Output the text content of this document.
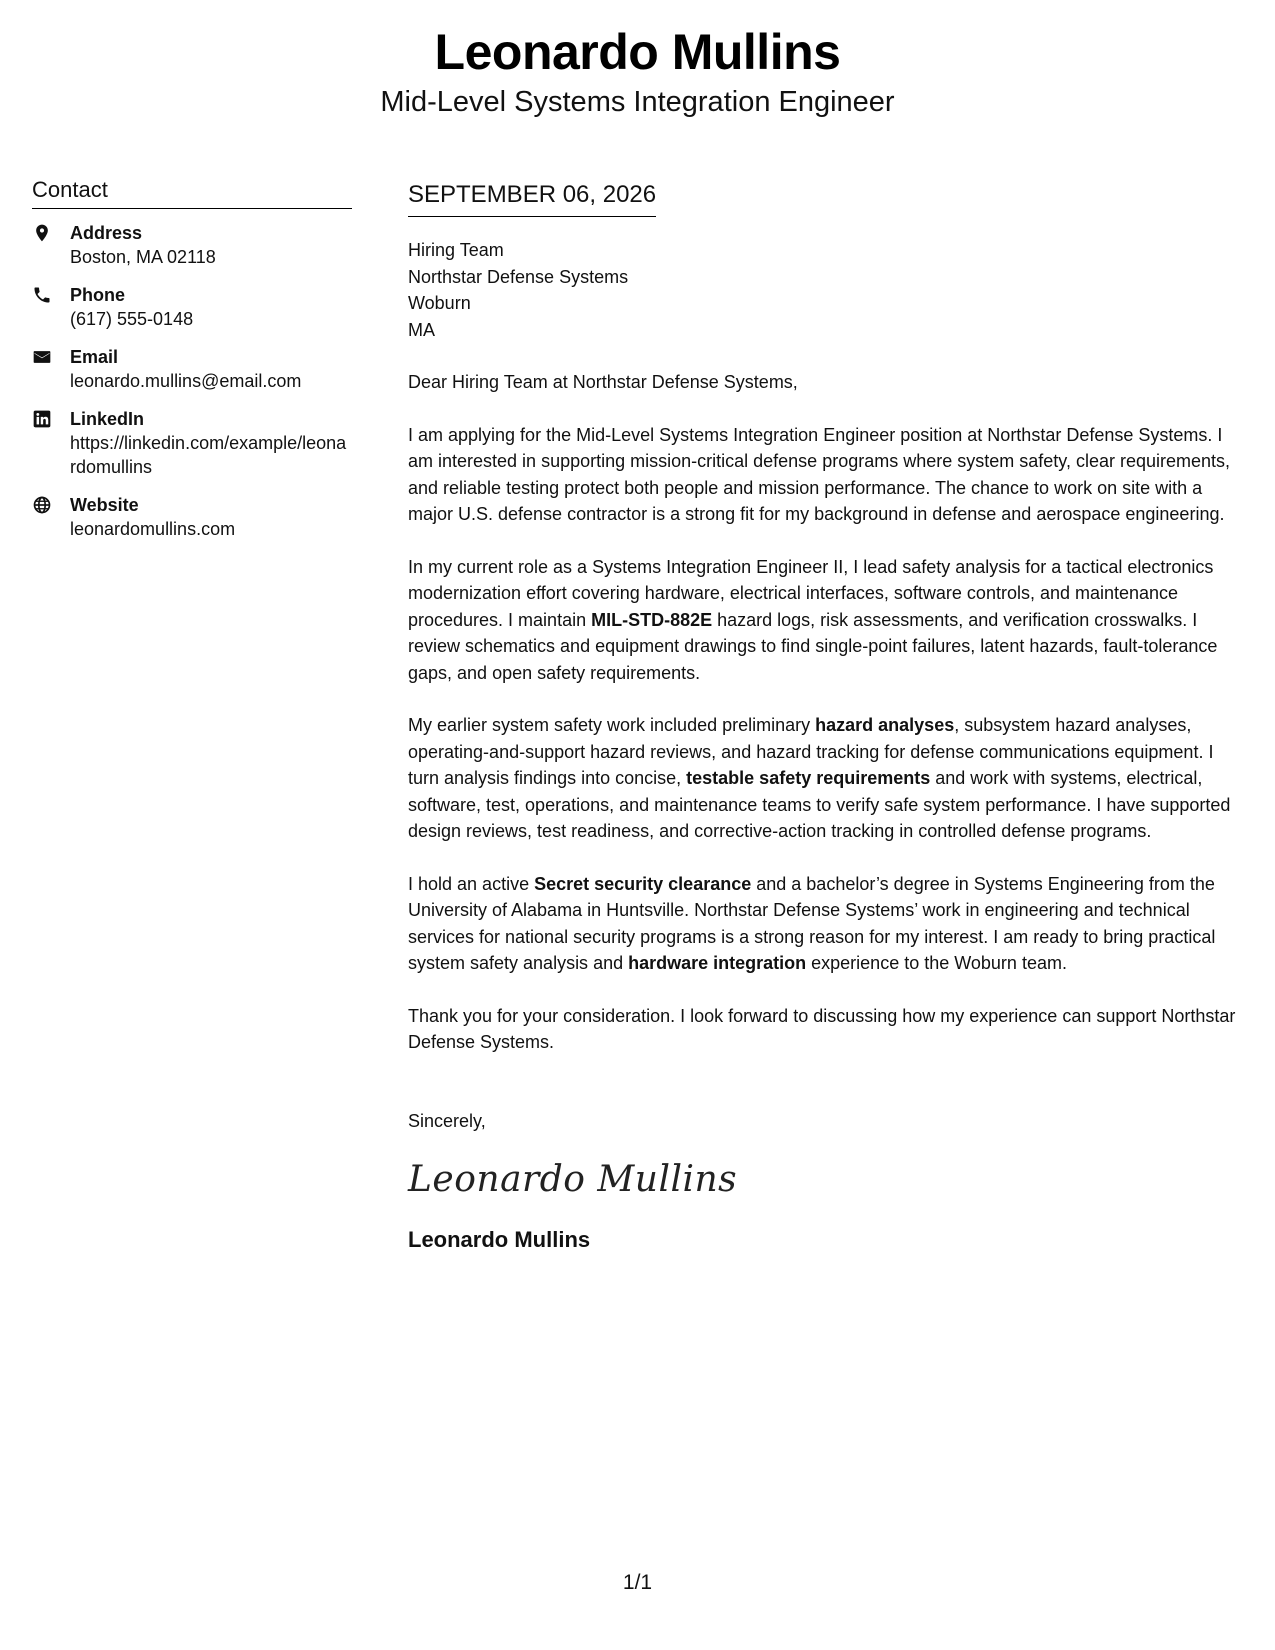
Leonardo Mullins
Mid-Level Systems Integration Engineer
Contact
Address
Boston, MA 02118
Phone
(617) 555-0148
Email
leonardo.mullins@email.com
LinkedIn
https://linkedin.com/example/leonardomullins
Website
leonardomullins.com
SEPTEMBER 06, 2026
Hiring Team
Northstar Defense Systems
Woburn
MA
Dear Hiring Team at Northstar Defense Systems,
I am applying for the Mid-Level Systems Integration Engineer position at Northstar Defense Systems. I am interested in supporting mission-critical defense programs where system safety, clear requirements, and reliable testing protect both people and mission performance. The chance to work on site with a major U.S. defense contractor is a strong fit for my background in defense and aerospace engineering.
In my current role as a Systems Integration Engineer II, I lead safety analysis for a tactical electronics modernization effort covering hardware, electrical interfaces, software controls, and maintenance procedures. I maintain MIL-STD-882E hazard logs, risk assessments, and verification crosswalks. I review schematics and equipment drawings to find single-point failures, latent hazards, fault-tolerance gaps, and open safety requirements.
My earlier system safety work included preliminary hazard analyses, subsystem hazard analyses, operating-and-support hazard reviews, and hazard tracking for defense communications equipment. I turn analysis findings into concise, testable safety requirements and work with systems, electrical, software, test, operations, and maintenance teams to verify safe system performance. I have supported design reviews, test readiness, and corrective-action tracking in controlled defense programs.
I hold an active Secret security clearance and a bachelor’s degree in Systems Engineering from the University of Alabama in Huntsville. Northstar Defense Systems’ work in engineering and technical services for national security programs is a strong reason for my interest. I am ready to bring practical system safety analysis and hardware integration experience to the Woburn team.
Thank you for your consideration. I look forward to discussing how my experience can support Northstar Defense Systems.
Sincerely,
Leonardo Mullins
Leonardo Mullins
1/1
